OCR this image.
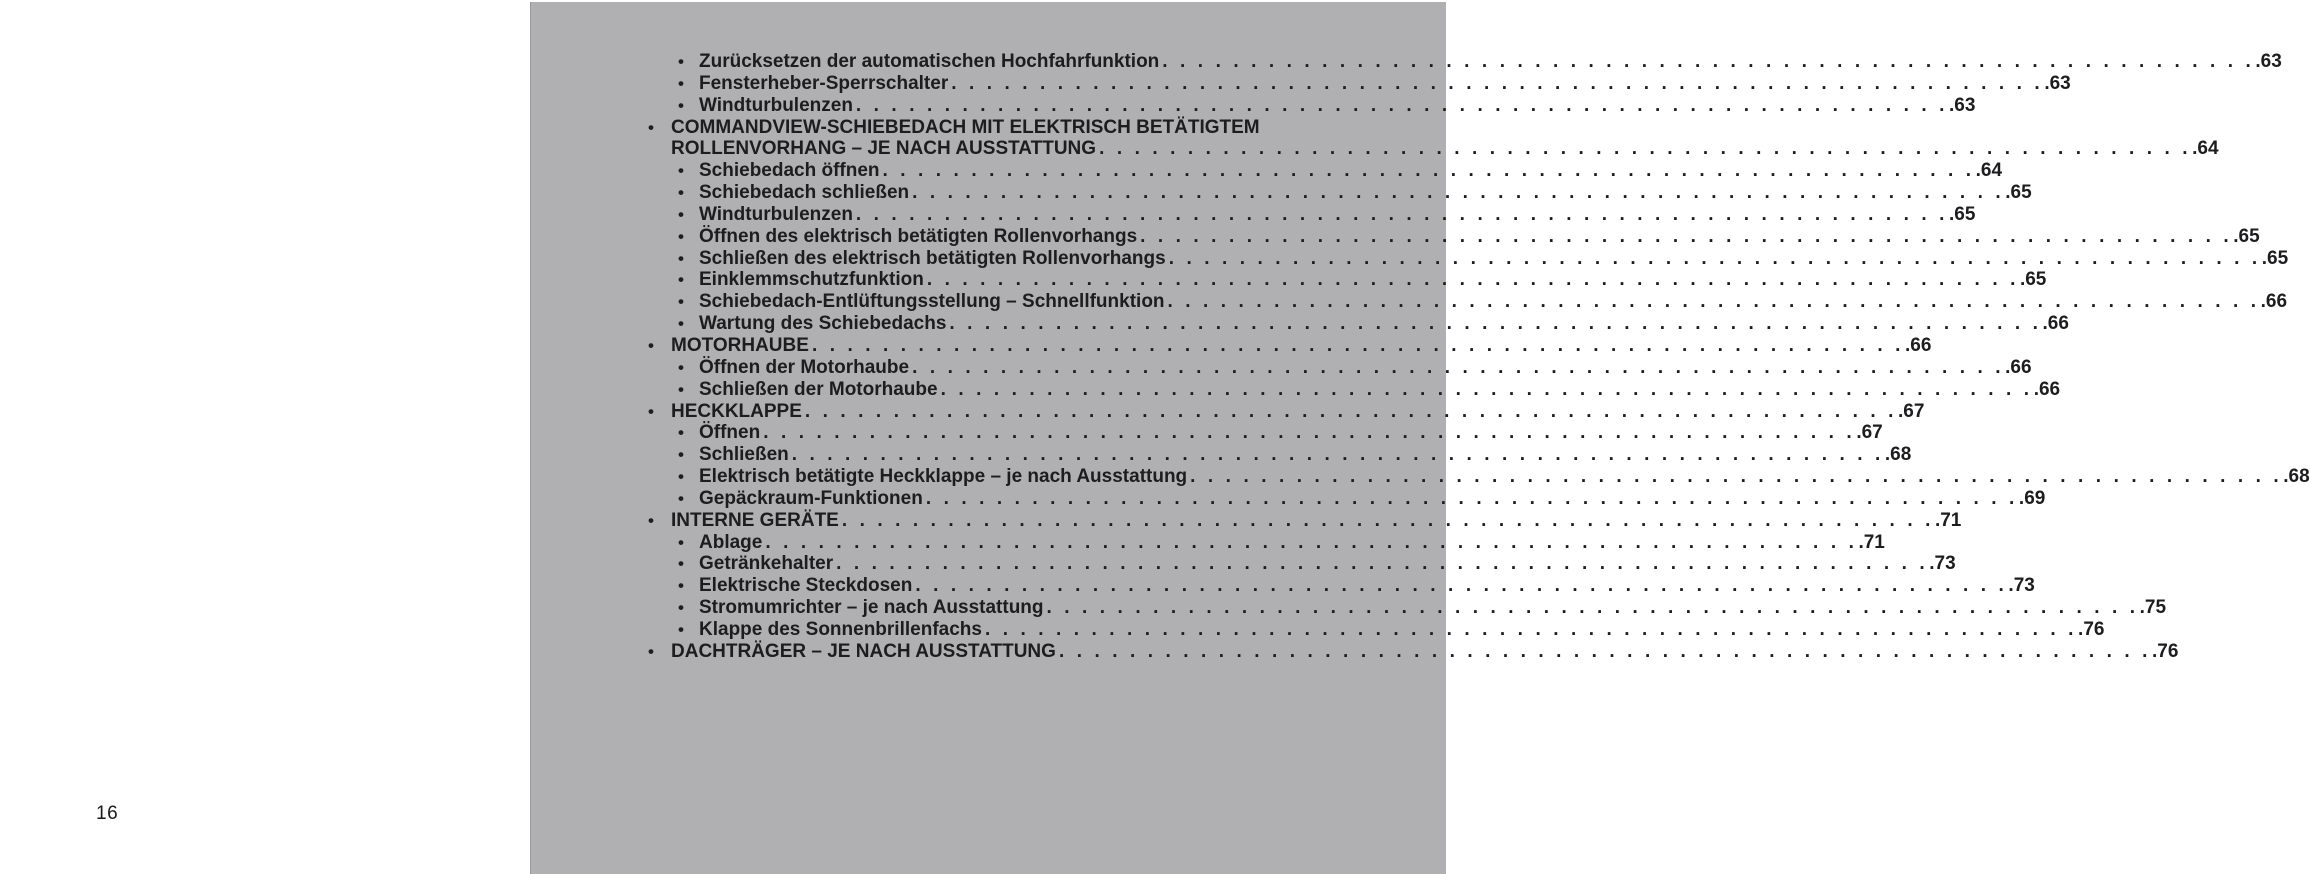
16
• Zurücksetzen der automatischen Hochfahrfunktion . . . . . . . . . . . . . . . . . . . . . . . . . . . . . . . . . . . . . . . . . . . . . . . . . . . . . . . . . . . . . . .63
• Fensterheber-Sperrschalter . . . . . . . . . . . . . . . . . . . . . . . . . . . . . . . . . . . . . . . . . . . . . . . . . . . . . . . . . . . . . . .63
• Windturbulenzen . . . . . . . . . . . . . . . . . . . . . . . . . . . . . . . . . . . . . . . . . . . . . . . . . . . . . . . . . . . . . . .63
• COMMANDVIEW-SCHIEBEDACH MIT ELEKTRISCH BETÄTIGTEM
ROLLENVORHANG – JE NACH AUSSTATTUNG . . . . . . . . . . . . . . . . . . . . . . . . . . . . . . . . . . . . . . . . . . . . . . . . . . . . . . . . . . . . . . .64
• Schiebedach öffnen . . . . . . . . . . . . . . . . . . . . . . . . . . . . . . . . . . . . . . . . . . . . . . . . . . . . . . . . . . . . . . .64
• Schiebedach schließen . . . . . . . . . . . . . . . . . . . . . . . . . . . . . . . . . . . . . . . . . . . . . . . . . . . . . . . . . . . . . . .65
• Windturbulenzen . . . . . . . . . . . . . . . . . . . . . . . . . . . . . . . . . . . . . . . . . . . . . . . . . . . . . . . . . . . . . . .65
• Öffnen des elektrisch betätigten Rollenvorhangs . . . . . . . . . . . . . . . . . . . . . . . . . . . . . . . . . . . . . . . . . . . . . . . . . . . . . . . . . . . . . . .65
• Schließen des elektrisch betätigten Rollenvorhangs . . . . . . . . . . . . . . . . . . . . . . . . . . . . . . . . . . . . . . . . . . . . . . . . . . . . . . . . . . . . . . .65
• Einklemmschutzfunktion . . . . . . . . . . . . . . . . . . . . . . . . . . . . . . . . . . . . . . . . . . . . . . . . . . . . . . . . . . . . . . .65
• Schiebedach-Entlüftungsstellung – Schnellfunktion . . . . . . . . . . . . . . . . . . . . . . . . . . . . . . . . . . . . . . . . . . . . . . . . . . . . . . . . . . . . . . .66
• Wartung des Schiebedachs . . . . . . . . . . . . . . . . . . . . . . . . . . . . . . . . . . . . . . . . . . . . . . . . . . . . . . . . . . . . . . .66
• MOTORHAUBE . . . . . . . . . . . . . . . . . . . . . . . . . . . . . . . . . . . . . . . . . . . . . . . . . . . . . . . . . . . . . . .66
• Öffnen der Motorhaube . . . . . . . . . . . . . . . . . . . . . . . . . . . . . . . . . . . . . . . . . . . . . . . . . . . . . . . . . . . . . . .66
• Schließen der Motorhaube . . . . . . . . . . . . . . . . . . . . . . . . . . . . . . . . . . . . . . . . . . . . . . . . . . . . . . . . . . . . . . .66
• HECKKLAPPE . . . . . . . . . . . . . . . . . . . . . . . . . . . . . . . . . . . . . . . . . . . . . . . . . . . . . . . . . . . . . . .67
• Öffnen . . . . . . . . . . . . . . . . . . . . . . . . . . . . . . . . . . . . . . . . . . . . . . . . . . . . . . . . . . . . . . .67
• Schließen . . . . . . . . . . . . . . . . . . . . . . . . . . . . . . . . . . . . . . . . . . . . . . . . . . . . . . . . . . . . . . .68
• Elektrisch betätigte Heckklappe – je nach Ausstattung . . . . . . . . . . . . . . . . . . . . . . . . . . . . . . . . . . . . . . . . . . . . . . . . . . . . . . . . . . . . . . .68
• Gepäckraum-Funktionen . . . . . . . . . . . . . . . . . . . . . . . . . . . . . . . . . . . . . . . . . . . . . . . . . . . . . . . . . . . . . . .69
• INTERNE GERÄTE . . . . . . . . . . . . . . . . . . . . . . . . . . . . . . . . . . . . . . . . . . . . . . . . . . . . . . . . . . . . . . .71
• Ablage . . . . . . . . . . . . . . . . . . . . . . . . . . . . . . . . . . . . . . . . . . . . . . . . . . . . . . . . . . . . . . .71
• Getränkehalter . . . . . . . . . . . . . . . . . . . . . . . . . . . . . . . . . . . . . . . . . . . . . . . . . . . . . . . . . . . . . . .73
• Elektrische Steckdosen . . . . . . . . . . . . . . . . . . . . . . . . . . . . . . . . . . . . . . . . . . . . . . . . . . . . . . . . . . . . . . .73
• Stromumrichter – je nach Ausstattung . . . . . . . . . . . . . . . . . . . . . . . . . . . . . . . . . . . . . . . . . . . . . . . . . . . . . . . . . . . . . . .75
• Klappe des Sonnenbrillenfachs . . . . . . . . . . . . . . . . . . . . . . . . . . . . . . . . . . . . . . . . . . . . . . . . . . . . . . . . . . . . . . .76
• DACHTRÄGER – JE NACH AUSSTATTUNG . . . . . . . . . . . . . . . . . . . . . . . . . . . . . . . . . . . . . . . . . . . . . . . . . . . . . . . . . . . . . . .76
